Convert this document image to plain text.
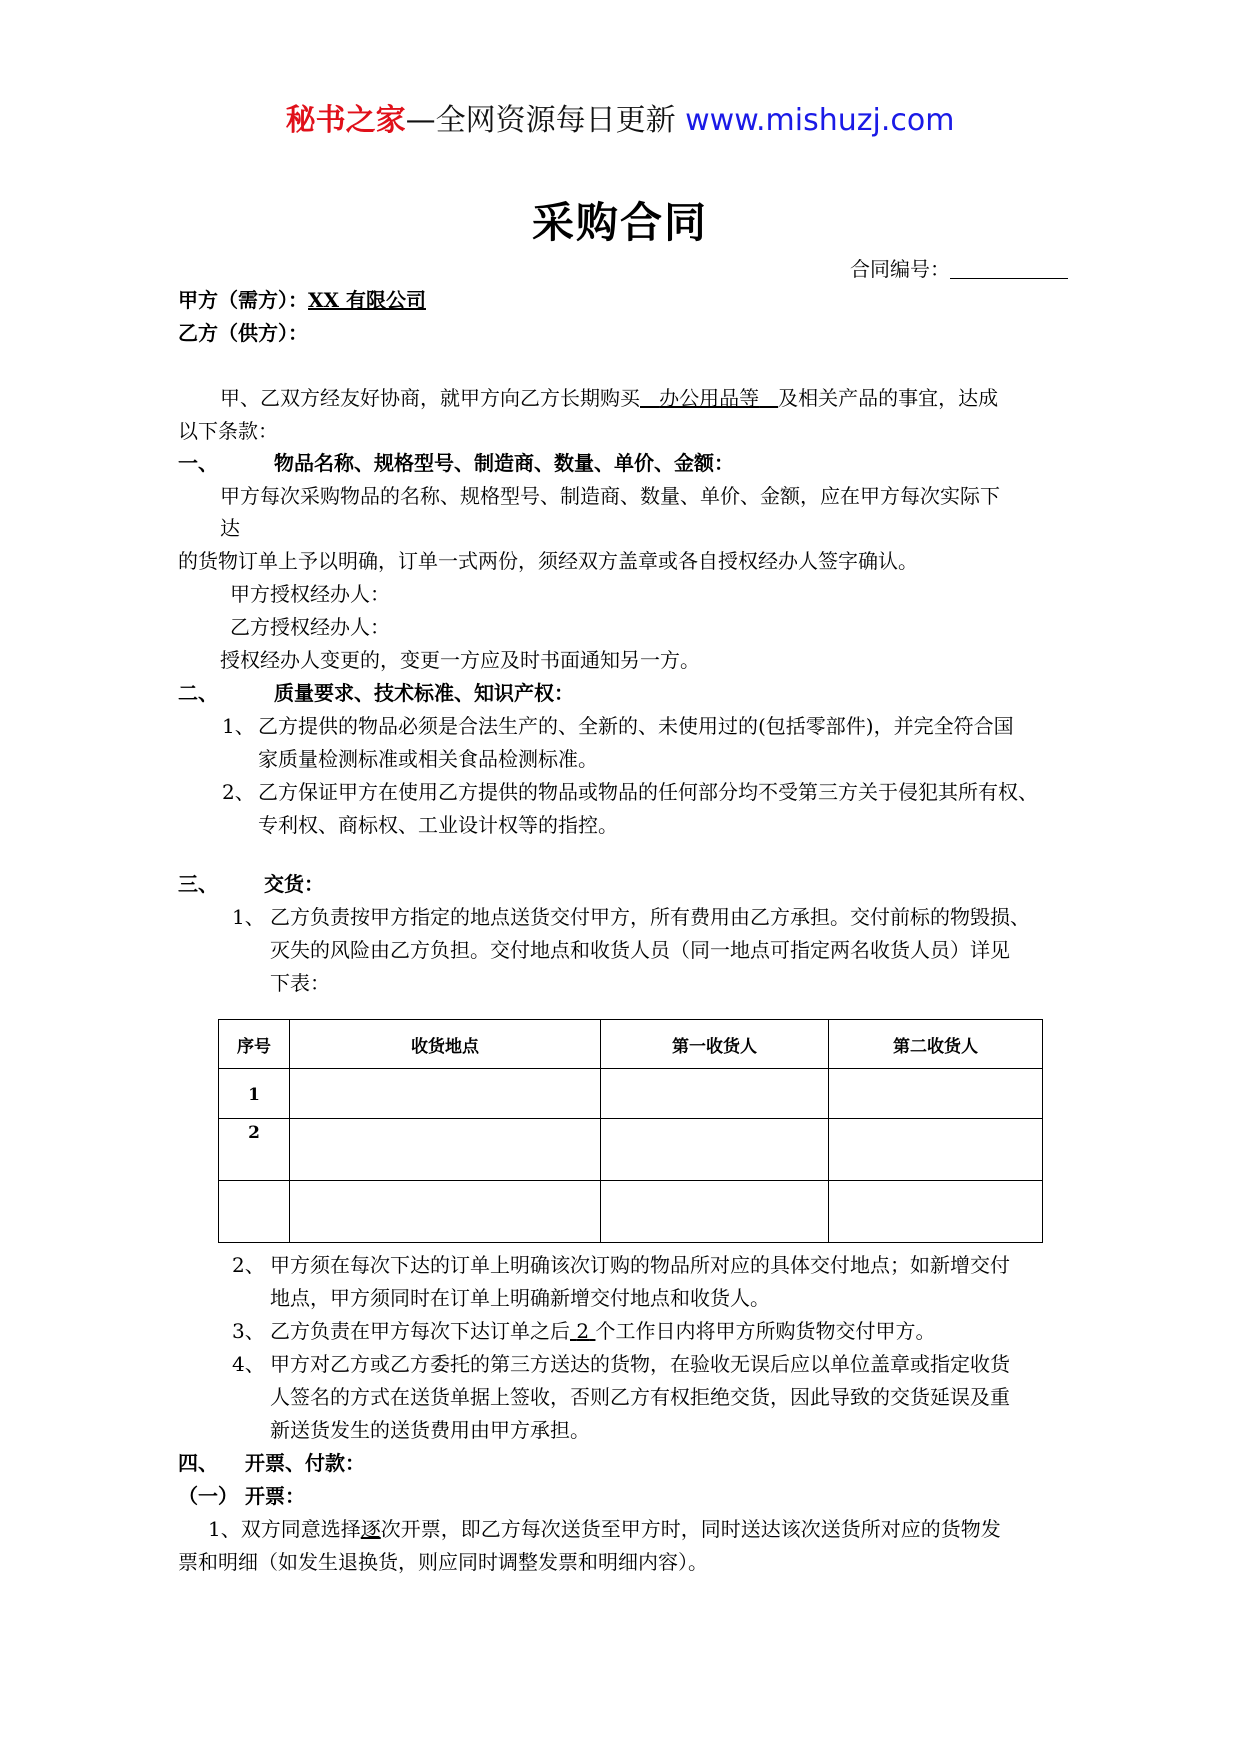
秘书之家—全网资源每日更新 www.mishuzj.com
采购合同
合同编号：
甲方（需方）：XX 有限公司
乙方（供方）：
甲、乙双方经友好协商，就甲方向乙方长期购买 办公用品等 及相关产品的事宜，达成
以下条款：
一、	物品名称、规格型号、制造商、数量、单价、金额：
甲方每次采购物品的名称、规格型号、制造商、数量、单价、金额，应在甲方每次实际下
达
的货物订单上予以明确，订单一式两份，须经双方盖章或各自授权经办人签字确认。
甲方授权经办人：
乙方授权经办人：
授权经办人变更的，变更一方应及时书面通知另一方。
二、	质量要求、技术标准、知识产权：
1、 乙方提供的物品必须是合法生产的、全新的、未使用过的(包括零部件)，并完全符合国
家质量检测标准或相关食品检测标准。
2、 乙方保证甲方在使用乙方提供的物品或物品的任何部分均不受第三方关于侵犯其所有权、
专利权、商标权、工业设计权等的指控。
三、 交货：
1、 乙方负责按甲方指定的地点送货交付甲方，所有费用由乙方承担。交付前标的物毁损、
灭失的风险由乙方负担。交付地点和收货人员（同一地点可指定两名收货人员）详见
下表：
序号	收货地点	第一收货人	第二收货人
1			
2			

2、 甲方须在每次下达的订单上明确该次订购的物品所对应的具体交付地点；如新增交付
地点，甲方须同时在订单上明确新增交付地点和收货人。
3、 乙方负责在甲方每次下达订单之后 2 个工作日内将甲方所购货物交付甲方。
4、 甲方对乙方或乙方委托的第三方送达的货物，在验收无误后应以单位盖章或指定收货
人签名的方式在送货单据上签收，否则乙方有权拒绝交货，因此导致的交货延误及重
新送货发生的送货费用由甲方承担。
四、 开票、付款：
（一） 开票：
1、双方同意选择逐次开票，即乙方每次送货至甲方时，同时送达该次送货所对应的货物发
票和明细（如发生退换货，则应同时调整发票和明细内容）。
